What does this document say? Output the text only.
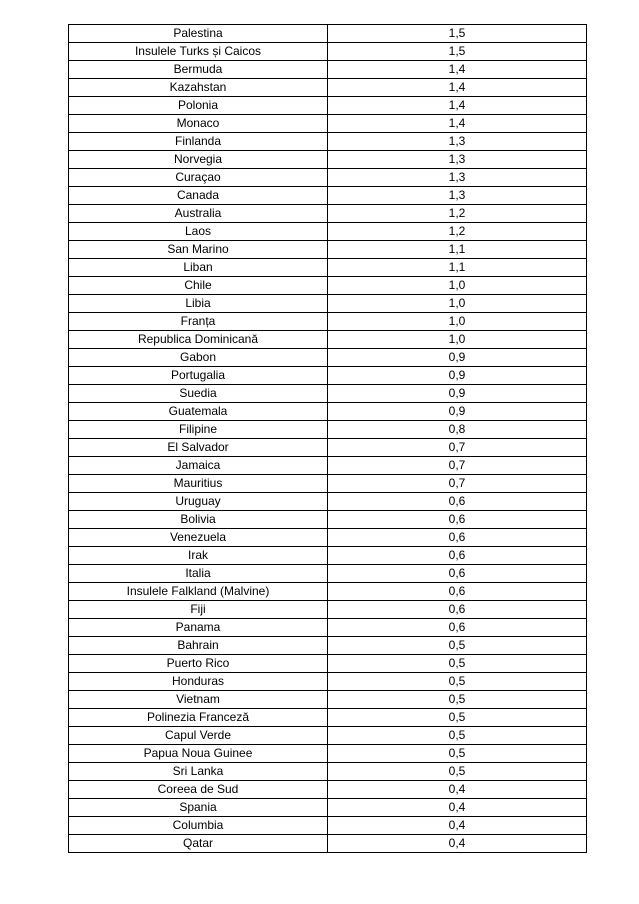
Palestina	1,5
Insulele Turks și Caicos	1,5
Bermuda	1,4
Kazahstan	1,4
Polonia	1,4
Monaco	1,4
Finlanda	1,3
Norvegia	1,3
Curaçao	1,3
Canada	1,3
Australia	1,2
Laos	1,2
San Marino	1,1
Liban	1,1
Chile	1,0
Libia	1,0
Franța	1,0
Republica Dominicană	1,0
Gabon	0,9
Portugalia	0,9
Suedia	0,9
Guatemala	0,9
Filipine	0,8
El Salvador	0,7
Jamaica	0,7
Mauritius	0,7
Uruguay	0,6
Bolivia	0,6
Venezuela	0,6
Irak	0,6
Italia	0,6
Insulele Falkland (Malvine)	0,6
Fiji	0,6
Panama	0,6
Bahrain	0,5
Puerto Rico	0,5
Honduras	0,5
Vietnam	0,5
Polinezia Franceză	0,5
Capul Verde	0,5
Papua Noua Guinee	0,5
Sri Lanka	0,5
Coreea de Sud	0,4
Spania	0,4
Columbia	0,4
Qatar	0,4
